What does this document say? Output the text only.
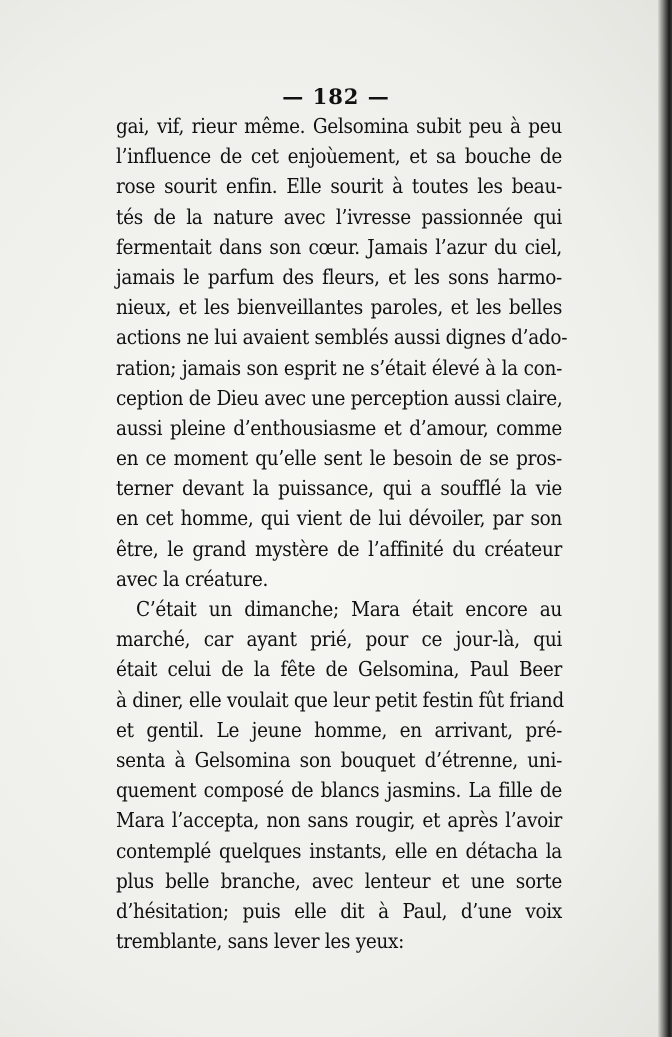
— 182 —
gai, vif, rieur même. Gelsomina subit peu à peu
l’influence de cet enjoùement, et sa bouche de
rose sourit enfin. Elle sourit à toutes les beau-
tés de la nature avec l’ivresse passionnée qui
fermentait dans son cœur. Jamais l’azur du ciel,
jamais le parfum des fleurs, et les sons harmo-
nieux, et les bienveillantes paroles, et les belles
actions ne lui avaient semblés aussi dignes d’ado-
ration; jamais son esprit ne s’était élevé à la con-
ception de Dieu avec une perception aussi claire,
aussi pleine d’enthousiasme et d’amour, comme
en ce moment qu’elle sent le besoin de se pros-
terner devant la puissance, qui a soufflé la vie
en cet homme, qui vient de lui dévoiler, par son
être, le grand mystère de l’affinité du créateur
avec la créature.
C’était un dimanche; Mara était encore au
marché, car ayant prié, pour ce jour-là, qui
était celui de la fête de Gelsomina, Paul Beer
à diner, elle voulait que leur petit festin fût friand
et gentil. Le jeune homme, en arrivant, pré-
senta à Gelsomina son bouquet d’étrenne, uni-
quement composé de blancs jasmins. La fille de
Mara l’accepta, non sans rougir, et après l’avoir
contemplé quelques instants, elle en détacha la
plus belle branche, avec lenteur et une sorte
d’hésitation; puis elle dit à Paul, d’une voix
tremblante, sans lever les yeux:
